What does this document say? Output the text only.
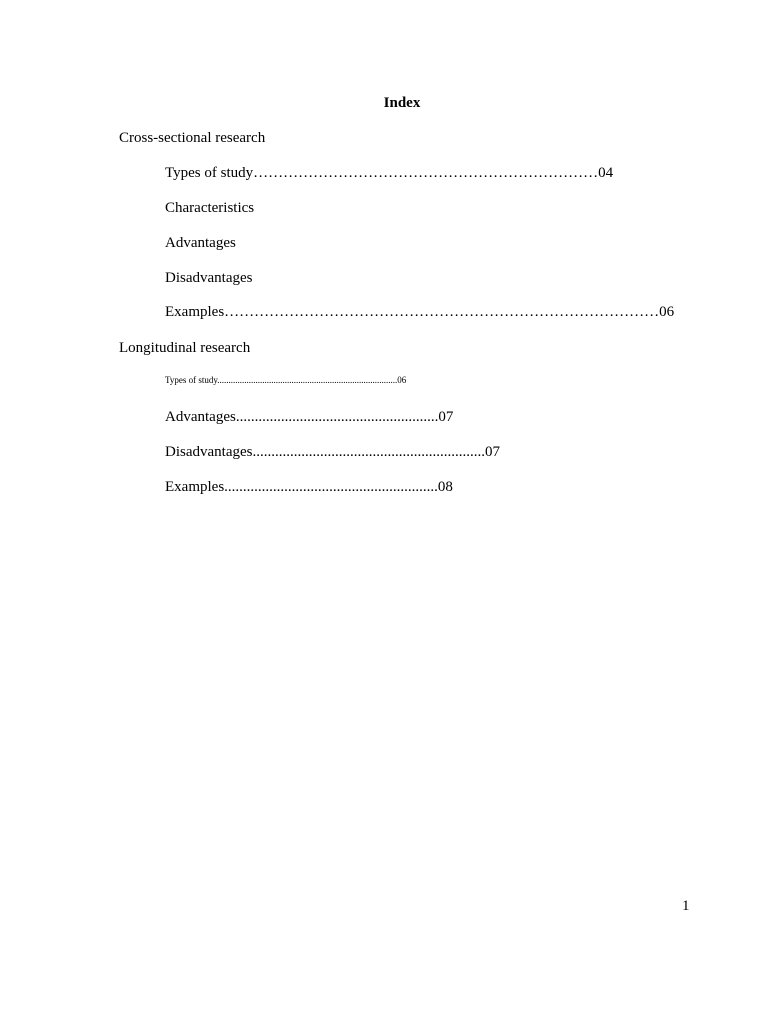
Index
Cross-sectional research
Types of study……………………………………………………………04
Characteristics
Advantages
Disadvantages
Examples……………………………………………………………………………06
Longitudinal research
Types of study................................................................................06
Advantages......................................................07
Disadvantages..............................................................07
Examples.........................................................08
1
